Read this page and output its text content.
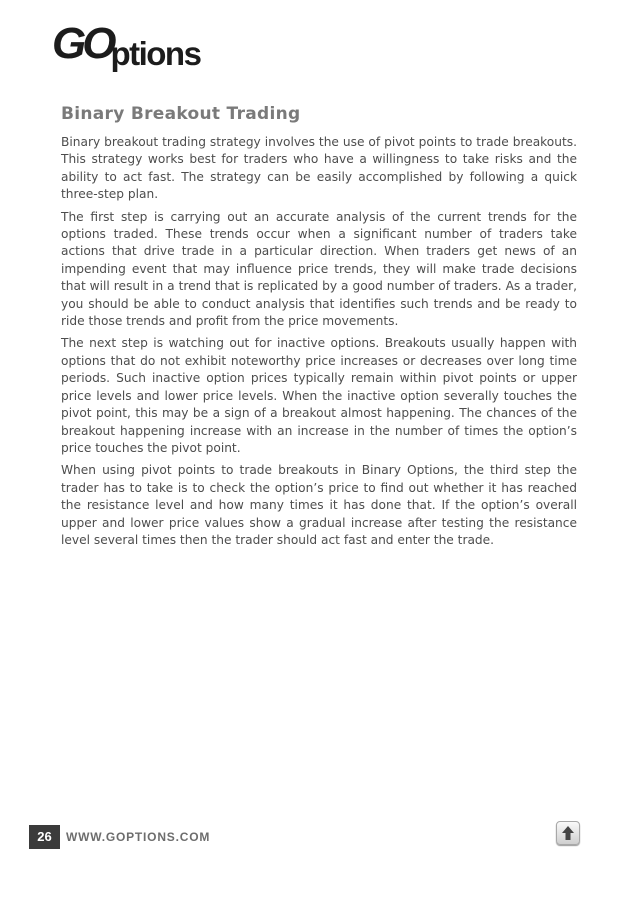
GOptions
Binary Breakout Trading

Binary breakout trading strategy involves the use of pivot points to trade breakouts. This strategy works best for traders who have a willingness to take risks and the ability to act fast. The strategy can be easily accomplished by following a quick three-step plan.

The first step is carrying out an accurate analysis of the current trends for the options traded. These trends occur when a significant number of traders take actions that drive trade in a particular direction. When traders get news of an impending event that may influence price trends, they will make trade decisions that will result in a trend that is replicated by a good number of traders. As a trader, you should be able to conduct analysis that identifies such trends and be ready to ride those trends and profit from the price movements.

The next step is watching out for inactive options. Breakouts usually happen with options that do not exhibit noteworthy price increases or decreases over long time periods. Such inactive option prices typically remain within pivot points or upper price levels and lower price levels. When the inactive option severally touches the pivot point, this may be a sign of a breakout almost happening. The chances of the breakout happening increase with an increase in the number of times the option’s price touches the pivot point.

When using pivot points to trade breakouts in Binary Options, the third step the trader has to take is to check the option’s price to find out whether it has reached the resistance level and how many times it has done that. If the option’s overall upper and lower price values show a gradual increase after testing the resistance level several times then the trader should act fast and enter the trade.

26	WWW.GOPTIONS.COM
